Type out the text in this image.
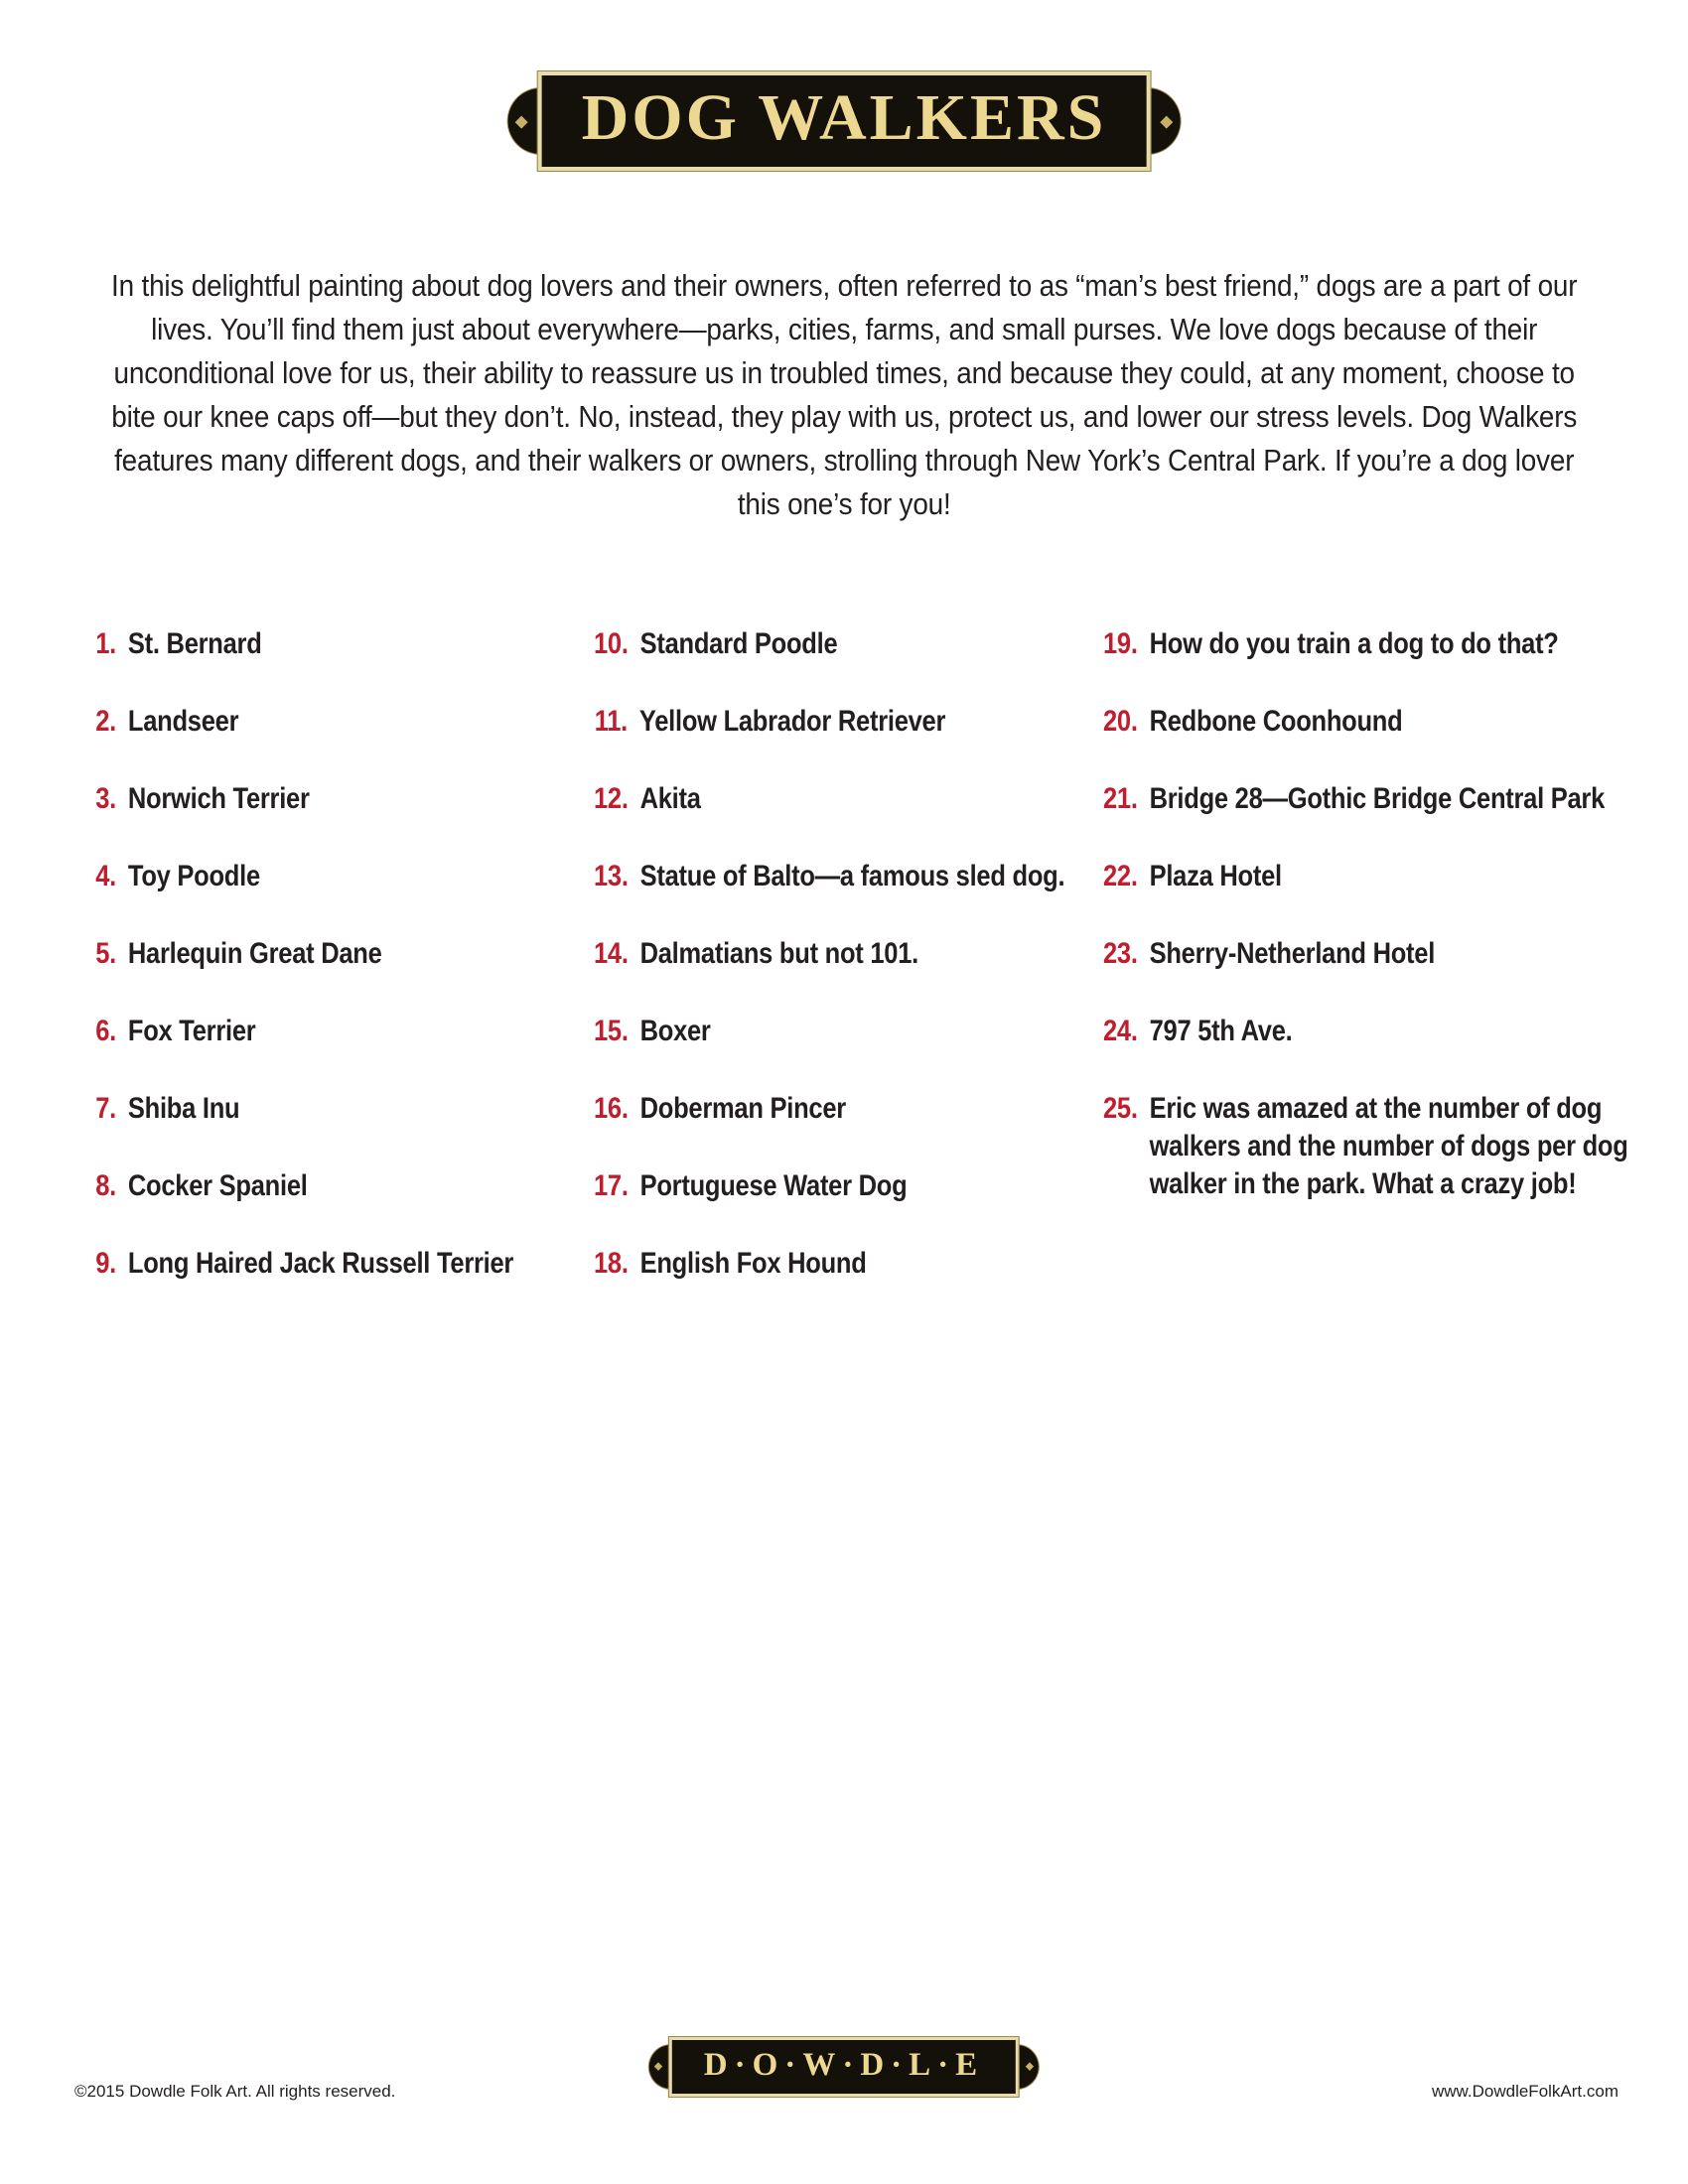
◆ DOG WALKERS	◆

In this delightful painting about dog lovers and their owners, often referred to as “man’s best friend,” dogs are a part of our lives. You’ll find them just about everywhere—parks, cities, farms, and small purses. We love dogs because of their unconditional love for us, their ability to reassure us in troubled times, and because they could, at any moment, choose to bite our knee caps off—but they don’t. No, instead, they play with us, protect us, and lower our stress levels. Dog Walkers features many different dogs, and their walkers or owners, strolling through New York’s Central Park. If you’re a dog lover this one’s for you!

1. St. Bernard
2. Landseer
3. Norwich Terrier
4. Toy Poodle
5. Harlequin Great Dane
6. Fox Terrier
7. Shiba Inu
8. Cocker Spaniel
9. Long Haired Jack Russell Terrier
10. Standard Poodle
11. Yellow Labrador Retriever
12. Akita
13. Statue of Balto—a famous sled dog.
14. Dalmatians but not 101.
15. Boxer
16. Doberman Pincer
17. Portuguese Water Dog
18. English Fox Hound
19. How do you train a dog to do that?
20. Redbone Coonhound
21. Bridge 28—Gothic Bridge Central Park
22. Plaza Hotel
23. Sherry-Netherland Hotel
24. 797 5th Ave.
25. Eric was amazed at the number of dog walkers and the number of dogs per dog walker in the park. What a crazy job!
◆ D·O·W·D·L·E	◆
©2015 Dowdle Folk Art. All rights reserved.	www.DowdleFolkArt.com
